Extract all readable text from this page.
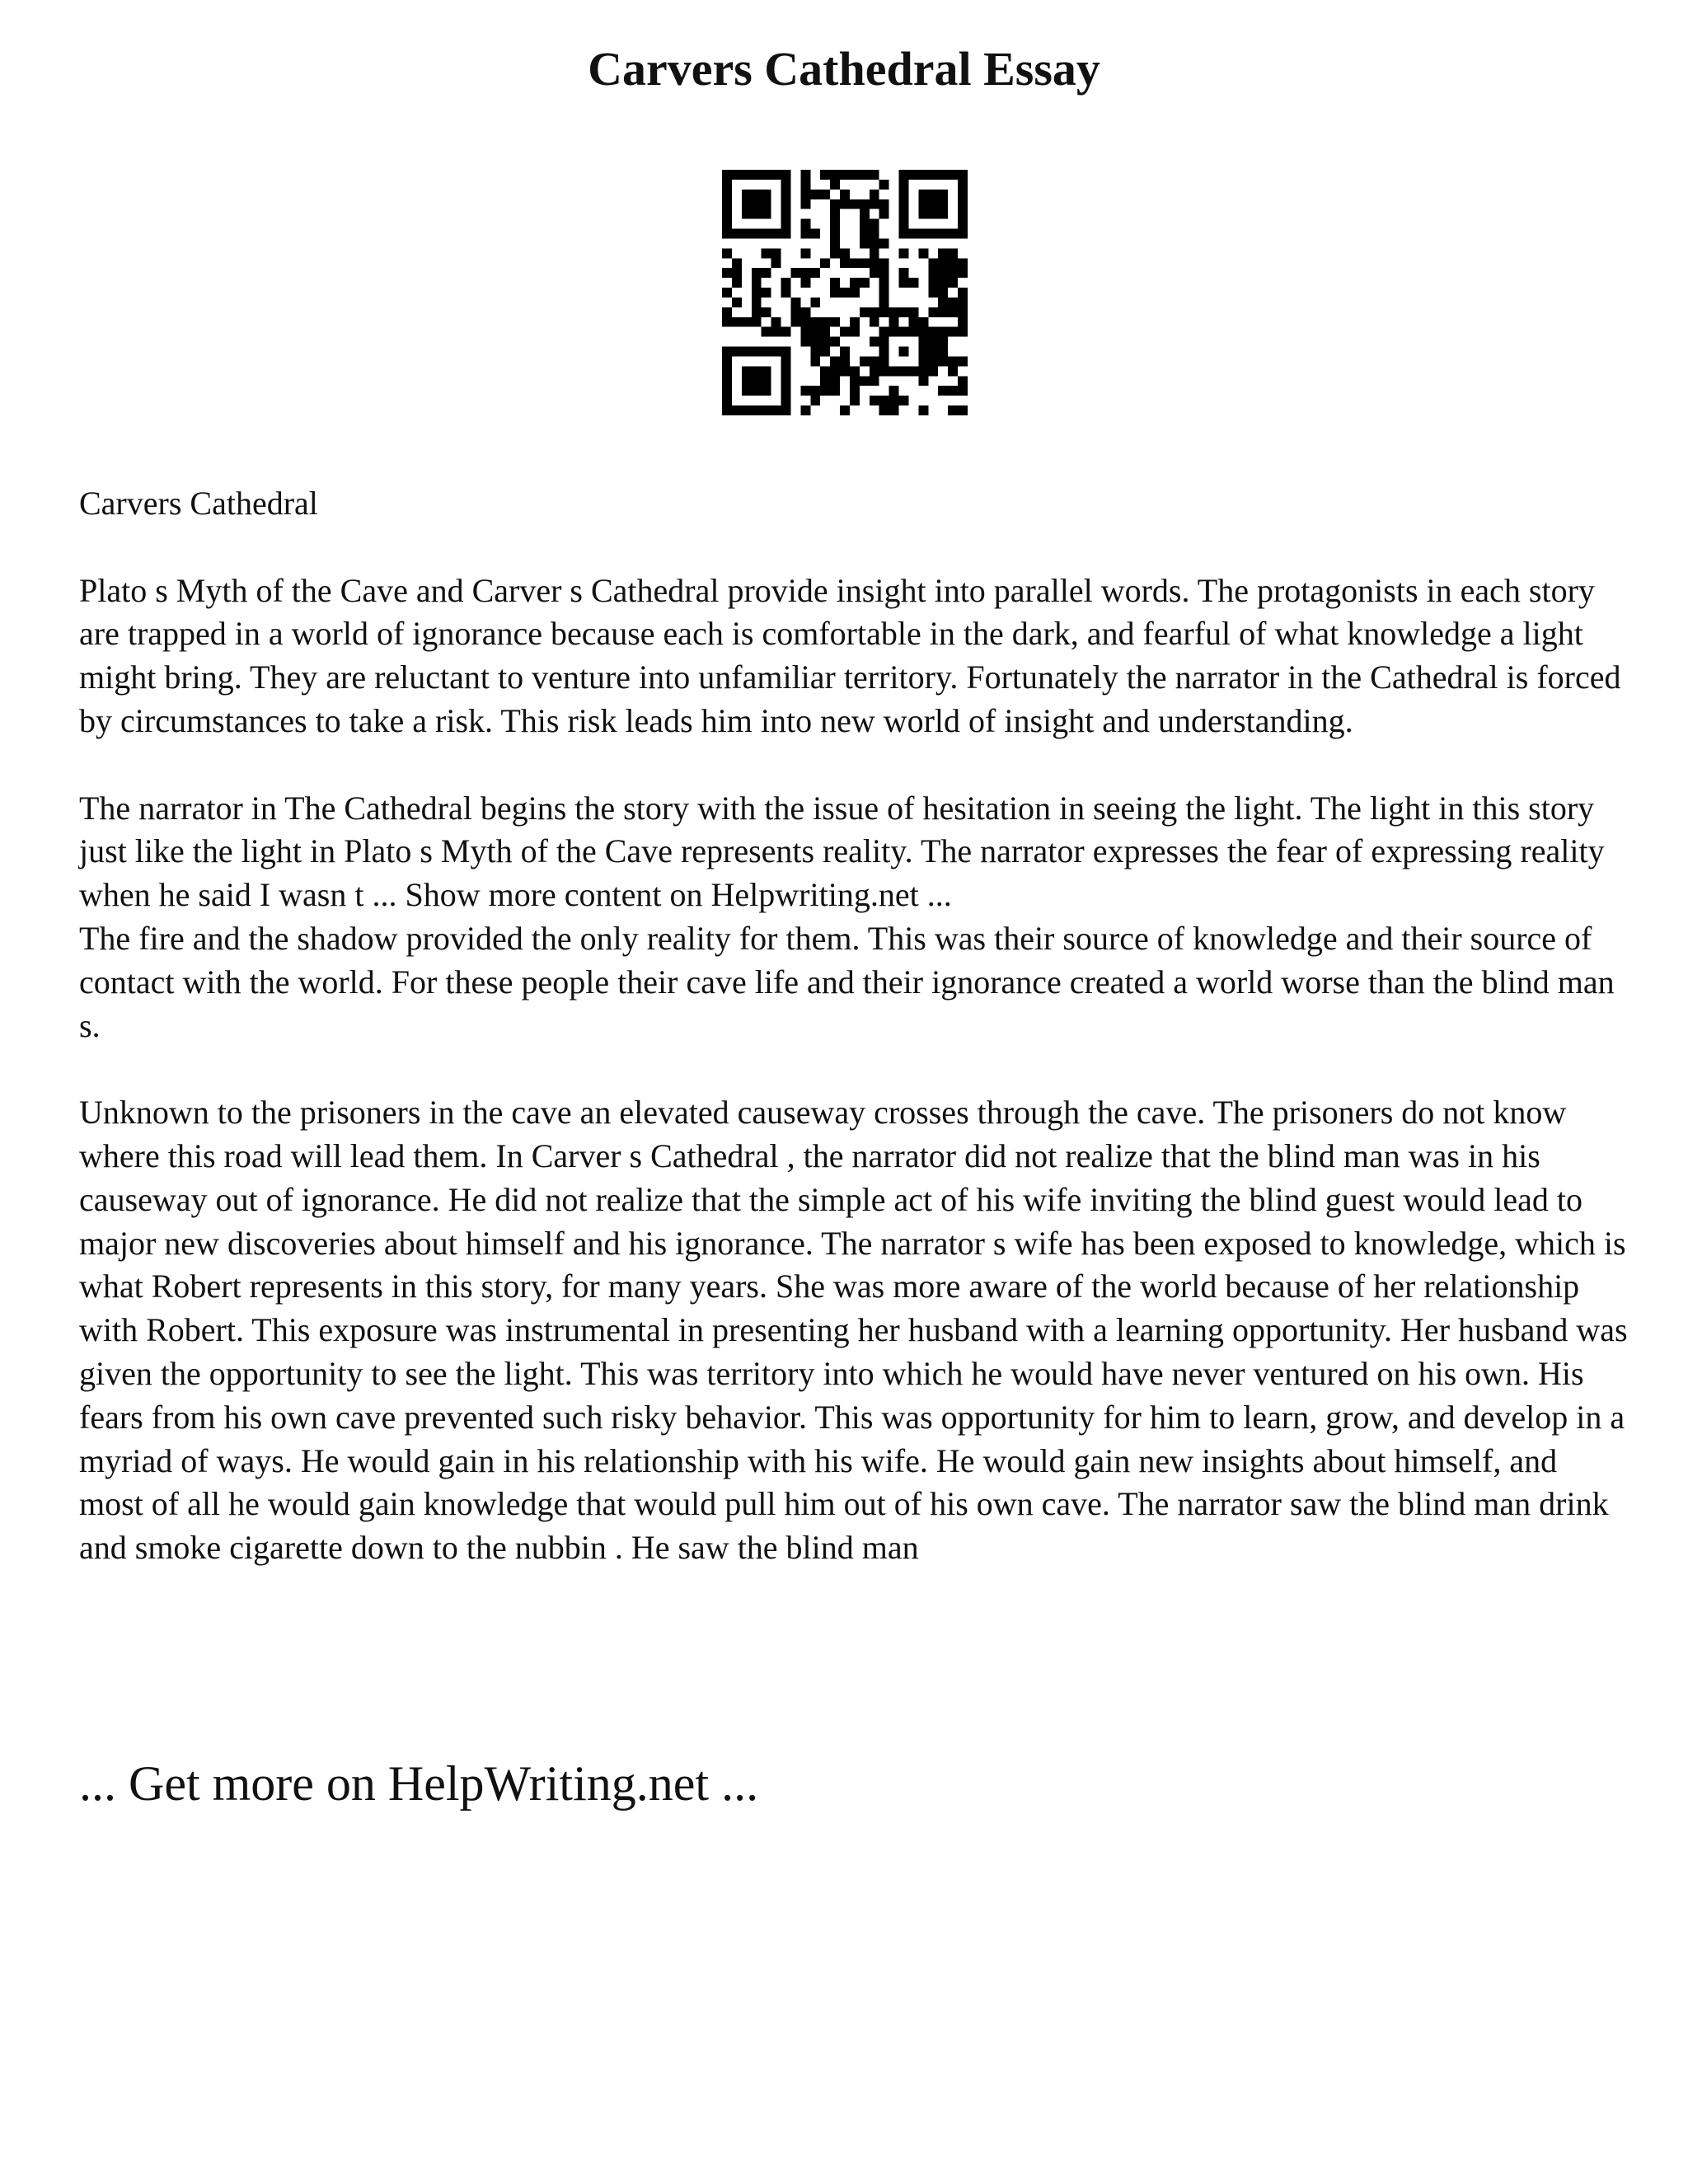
Carvers Cathedral Essay

Carvers Cathedral

Plato s Myth of the Cave and Carver s Cathedral provide insight into parallel words. The protagonists in each story are trapped in a world of ignorance because each is comfortable in the dark, and fearful of what knowledge a light might bring. They are reluctant to venture into unfamiliar territory. Fortunately the narrator in the Cathedral is forced by circumstances to take a risk. This risk leads him into new world of insight and understanding.

The narrator in The Cathedral begins the story with the issue of hesitation in seeing the light. The light in this story just like the light in Plato s Myth of the Cave represents reality. The narrator expresses the fear of expressing reality when he said I wasn t ... Show more content on Helpwriting.net ...

The fire and the shadow provided the only reality for them. This was their source of knowledge and their source of contact with the world. For these people their cave life and their ignorance created a world worse than the blind man s.

Unknown to the prisoners in the cave an elevated causeway crosses through the cave. The prisoners do not know where this road will lead them. In Carver s Cathedral , the narrator did not realize that the blind man was in his causeway out of ignorance. He did not realize that the simple act of his wife inviting the blind guest would lead to major new discoveries about himself and his ignorance. The narrator s wife has been exposed to knowledge, which is what Robert represents in this story, for many years. She was more aware of the world because of her relationship with Robert. This exposure was instrumental in presenting her husband with a learning opportunity. Her husband was given the opportunity to see the light. This was territory into which he would have never ventured on his own. His fears from his own cave prevented such risky behavior. This was opportunity for him to learn, grow, and develop in a myriad of ways. He would gain in his relationship with his wife. He would gain new insights about himself, and most of all he would gain knowledge that would pull him out of his own cave. The narrator saw the blind man drink and smoke cigarette down to the nubbin . He saw the blind man

... Get more on HelpWriting.net ...
